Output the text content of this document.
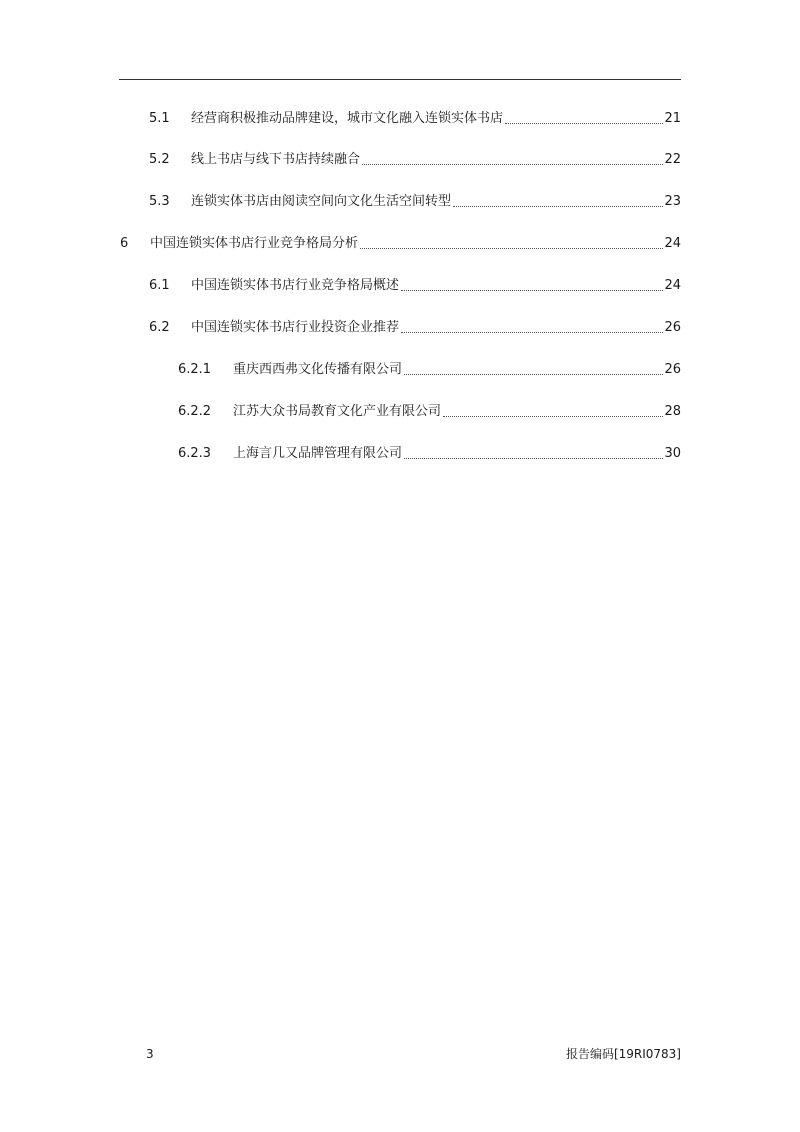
5.1	经营商积极推动品牌建设，城市文化融入连锁实体书店	21
5.2	线上书店与线下书店持续融合	22
5.3	连锁实体书店由阅读空间向文化生活空间转型	23
6	中国连锁实体书店行业竞争格局分析	24
6.1	中国连锁实体书店行业竞争格局概述	24
6.2	中国连锁实体书店行业投资企业推荐	26
6.2.1	重庆西西弗文化传播有限公司	26
6.2.2	江苏大众书局教育文化产业有限公司	28
6.2.3	上海言几又品牌管理有限公司	30
3	报告编码[19RI0783]
